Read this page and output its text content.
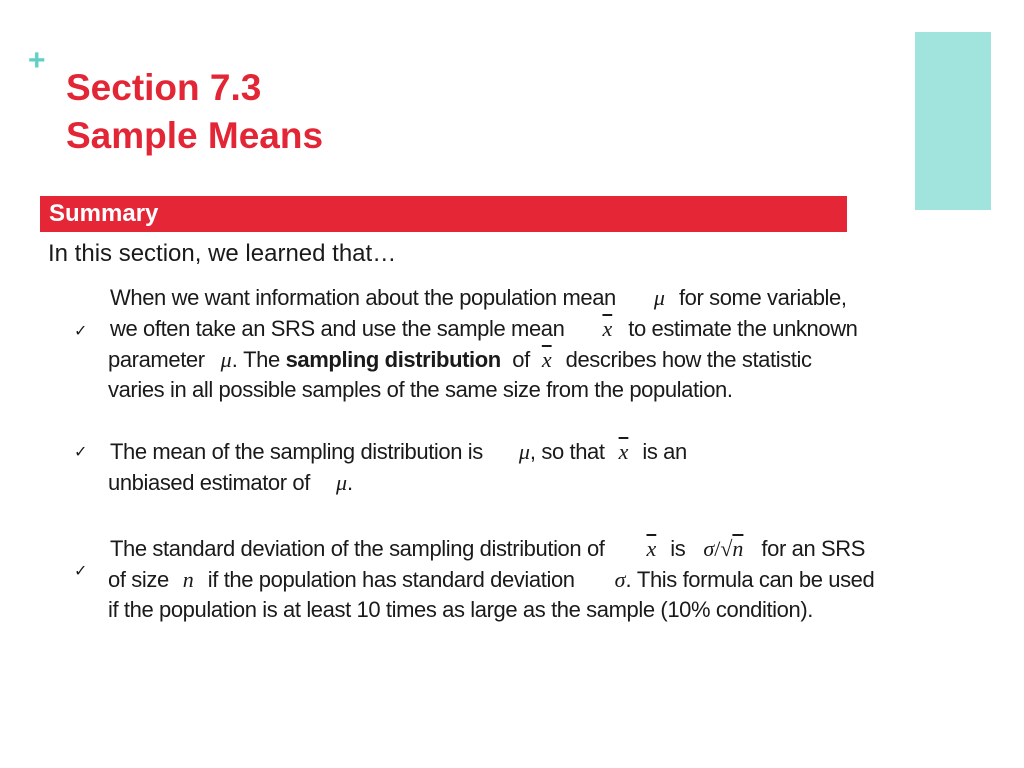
+
Section 7.3
Sample Means
Summary
In this section, we learned that…
✓
When we want information about the population mean μ for some variable,
we often take an SRS and use the sample mean $\overline{x}$ to estimate the unknown
parameter μ. The sampling distribution of $\overline{x}$ describes how the statistic
varies in all possible samples of the same size from the population.
✓ The mean of the sampling distribution is μ, so that $\overline{x}$ is an
unbiased estimator of μ.
✓
The standard deviation of the sampling distribution of $\overline{x}$ is σ/√n for an SRS
of size n if the population has standard deviation σ. This formula can be used
if the population is at least 10 times as large as the sample (10% condition).
